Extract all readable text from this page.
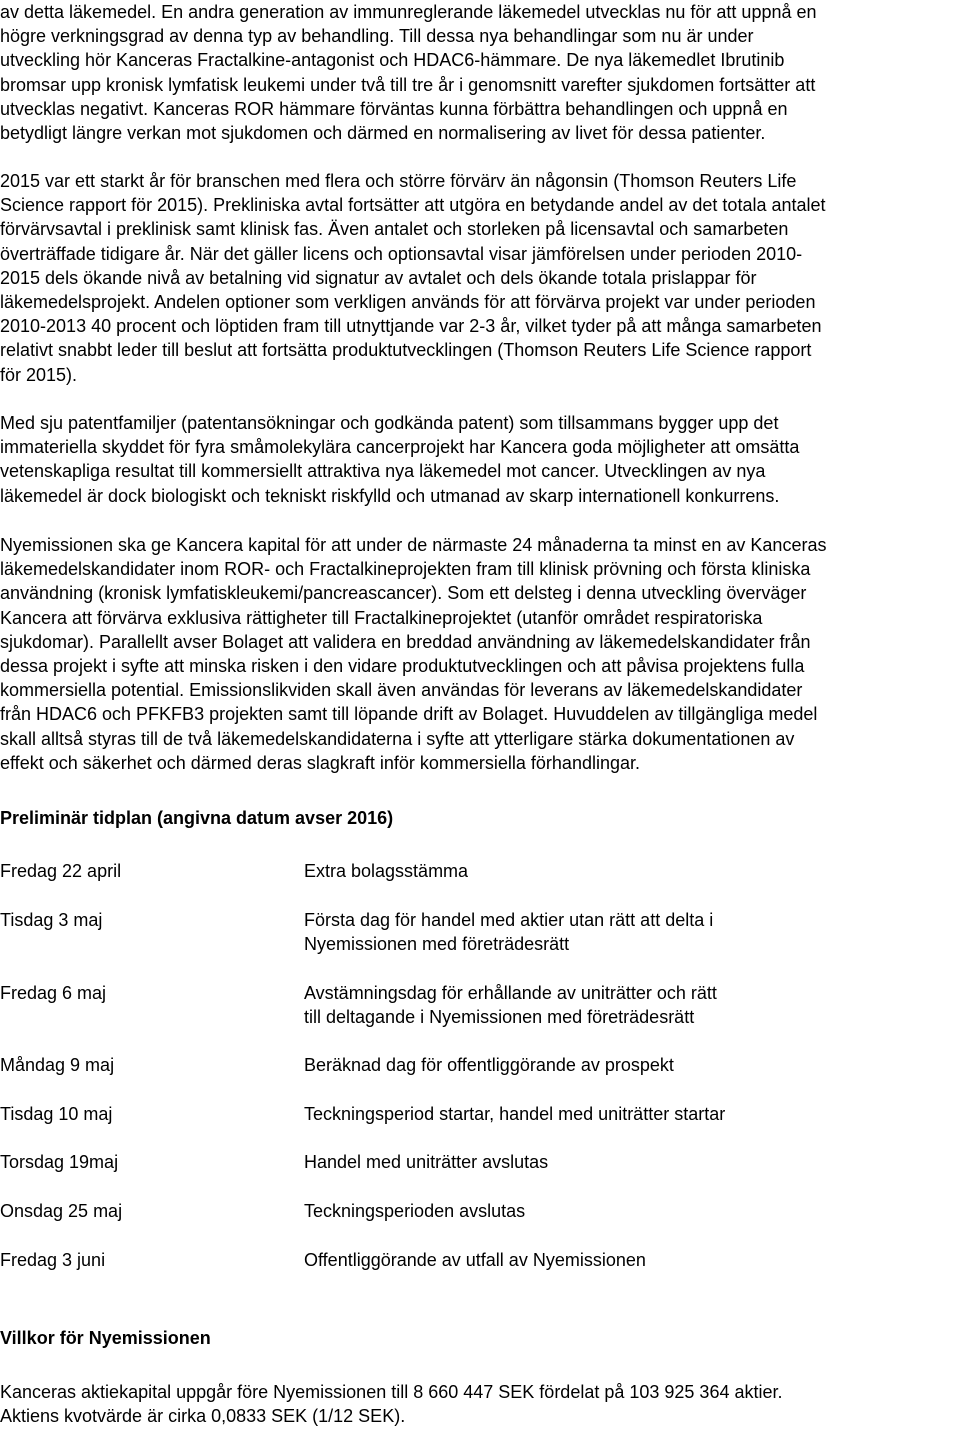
av detta läkemedel. En andra generation av immunreglerande läkemedel utvecklas nu för att uppnå en
högre verkningsgrad av denna typ av behandling. Till dessa nya behandlingar som nu är under
utveckling hör Kanceras Fractalkine-antagonist och HDAC6-hämmare. De nya läkemedlet Ibrutinib
bromsar upp kronisk lymfatisk leukemi under två till tre år i genomsnitt varefter sjukdomen fortsätter att
utvecklas negativt. Kanceras ROR hämmare förväntas kunna förbättra behandlingen och uppnå en
betydligt längre verkan mot sjukdomen och därmed en normalisering av livet för dessa patienter.
2015 var ett starkt år för branschen med flera och större förvärv än någonsin (Thomson Reuters Life
Science rapport för 2015). Prekliniska avtal fortsätter att utgöra en betydande andel av det totala antalet
förvärvsavtal i preklinisk samt klinisk fas. Även antalet och storleken på licensavtal och samarbeten
överträffade tidigare år. När det gäller licens och optionsavtal visar jämförelsen under perioden 2010-
2015 dels ökande nivå av betalning vid signatur av avtalet och dels ökande totala prislappar för
läkemedelsprojekt. Andelen optioner som verkligen används för att förvärva projekt var under perioden
2010-2013 40 procent och löptiden fram till utnyttjande var 2-3 år, vilket tyder på att många samarbeten
relativt snabbt leder till beslut att fortsätta produktutvecklingen (Thomson Reuters Life Science rapport
för 2015).
Med sju patentfamiljer (patentansökningar och godkända patent) som tillsammans bygger upp det
immateriella skyddet för fyra småmolekylära cancerprojekt har Kancera goda möjligheter att omsätta
vetenskapliga resultat till kommersiellt attraktiva nya läkemedel mot cancer. Utvecklingen av nya
läkemedel är dock biologiskt och tekniskt riskfylld och utmanad av skarp internationell konkurrens.
Nyemissionen ska ge Kancera kapital för att under de närmaste 24 månaderna ta minst en av Kanceras
läkemedelskandidater inom ROR- och Fractalkineprojekten fram till klinisk prövning och första kliniska
användning (kronisk lymfatiskleukemi/pancreascancer). Som ett delsteg i denna utveckling överväger
Kancera att förvärva exklusiva rättigheter till Fractalkineprojektet (utanför området respiratoriska
sjukdomar). Parallellt avser Bolaget att validera en breddad användning av läkemedelskandidater från
dessa projekt i syfte att minska risken i den vidare produktutvecklingen och att påvisa projektens fulla
kommersiella potential. Emissionslikviden skall även användas för leverans av läkemedelskandidater
från HDAC6 och PFKFB3 projekten samt till löpande drift av Bolaget. Huvuddelen av tillgängliga medel
skall alltså styras till de två läkemedelskandidaterna i syfte att ytterligare stärka dokumentationen av
effekt och säkerhet och därmed deras slagkraft inför kommersiella förhandlingar.
Preliminär tidplan (angivna datum avser 2016)
Fredag 22 april	Extra bolagsstämma
Tisdag 3 maj	Första dag för handel med aktier utan rätt att delta i
Nyemissionen med företrädesrätt
Fredag 6 maj	Avstämningsdag för erhållande av uniträtter och rätt
till deltagande i Nyemissionen med företrädesrätt
Måndag 9 maj	Beräknad dag för offentliggörande av prospekt
Tisdag 10 maj	Teckningsperiod startar, handel med uniträtter startar
Torsdag 19maj	Handel med uniträtter avslutas
Onsdag 25 maj	Teckningsperioden avslutas
Fredag 3 juni	Offentliggörande av utfall av Nyemissionen
Villkor för Nyemissionen
Kanceras aktiekapital uppgår före Nyemissionen till 8 660 447 SEK fördelat på 103 925 364 aktier.
Aktiens kvotvärde är cirka 0,0833 SEK (1/12 SEK).
